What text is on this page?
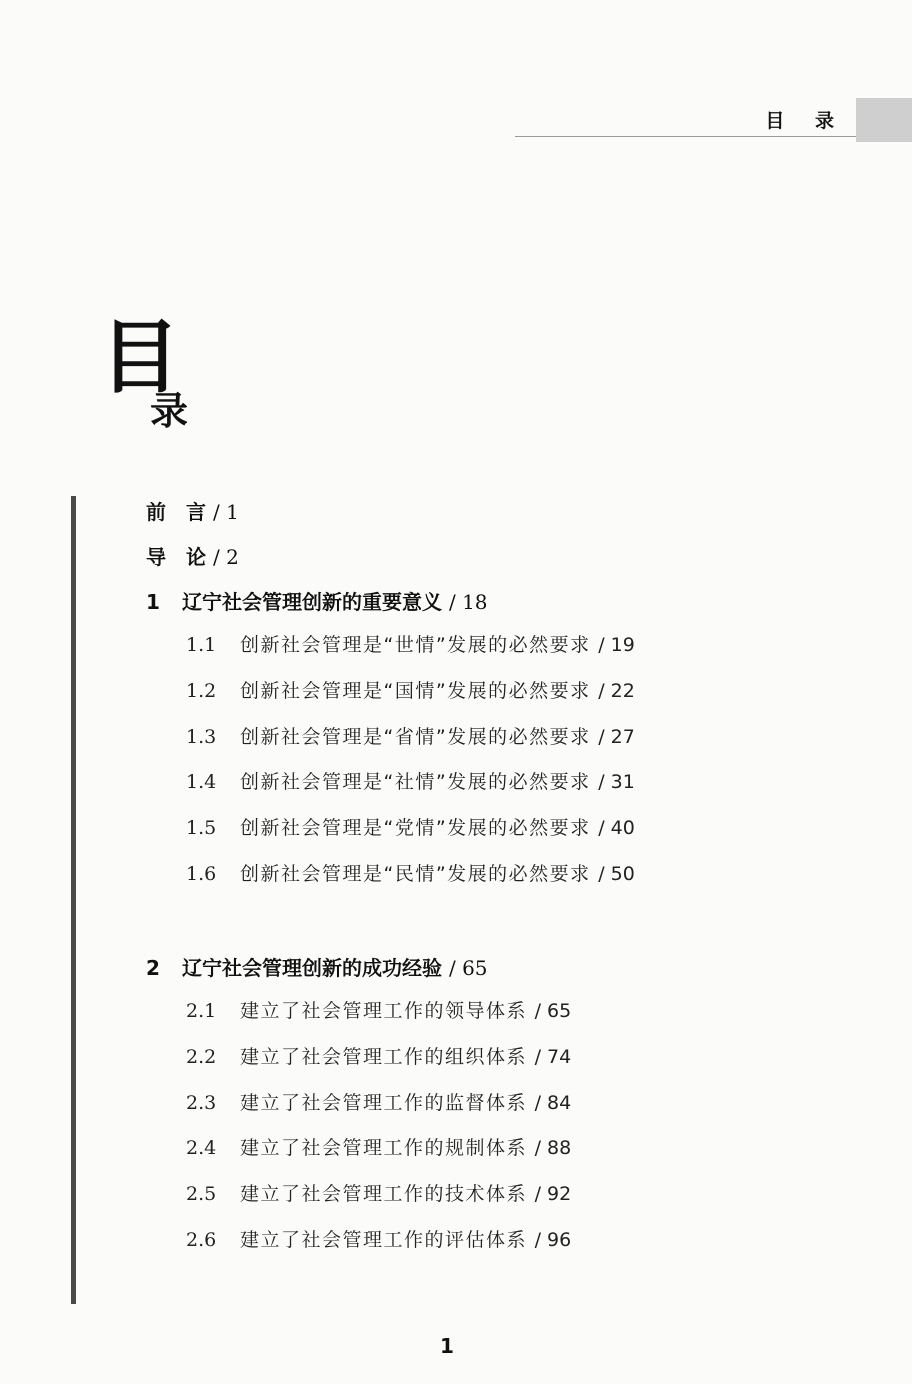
目 录
目
录
前　言 / 1
导　论 / 2
1 辽宁社会管理创新的重要意义 / 18
1.1 创新社会管理是“世情”发展的必然要求 / 19
1.2 创新社会管理是“国情”发展的必然要求 / 22
1.3 创新社会管理是“省情”发展的必然要求 / 27
1.4 创新社会管理是“社情”发展的必然要求 / 31
1.5 创新社会管理是“党情”发展的必然要求 / 40
1.6 创新社会管理是“民情”发展的必然要求 / 50
2 辽宁社会管理创新的成功经验 / 65
2.1 建立了社会管理工作的领导体系 / 65
2.2 建立了社会管理工作的组织体系 / 74
2.3 建立了社会管理工作的监督体系 / 84
2.4 建立了社会管理工作的规制体系 / 88
2.5 建立了社会管理工作的技术体系 / 92
2.6 建立了社会管理工作的评估体系 / 96
1
